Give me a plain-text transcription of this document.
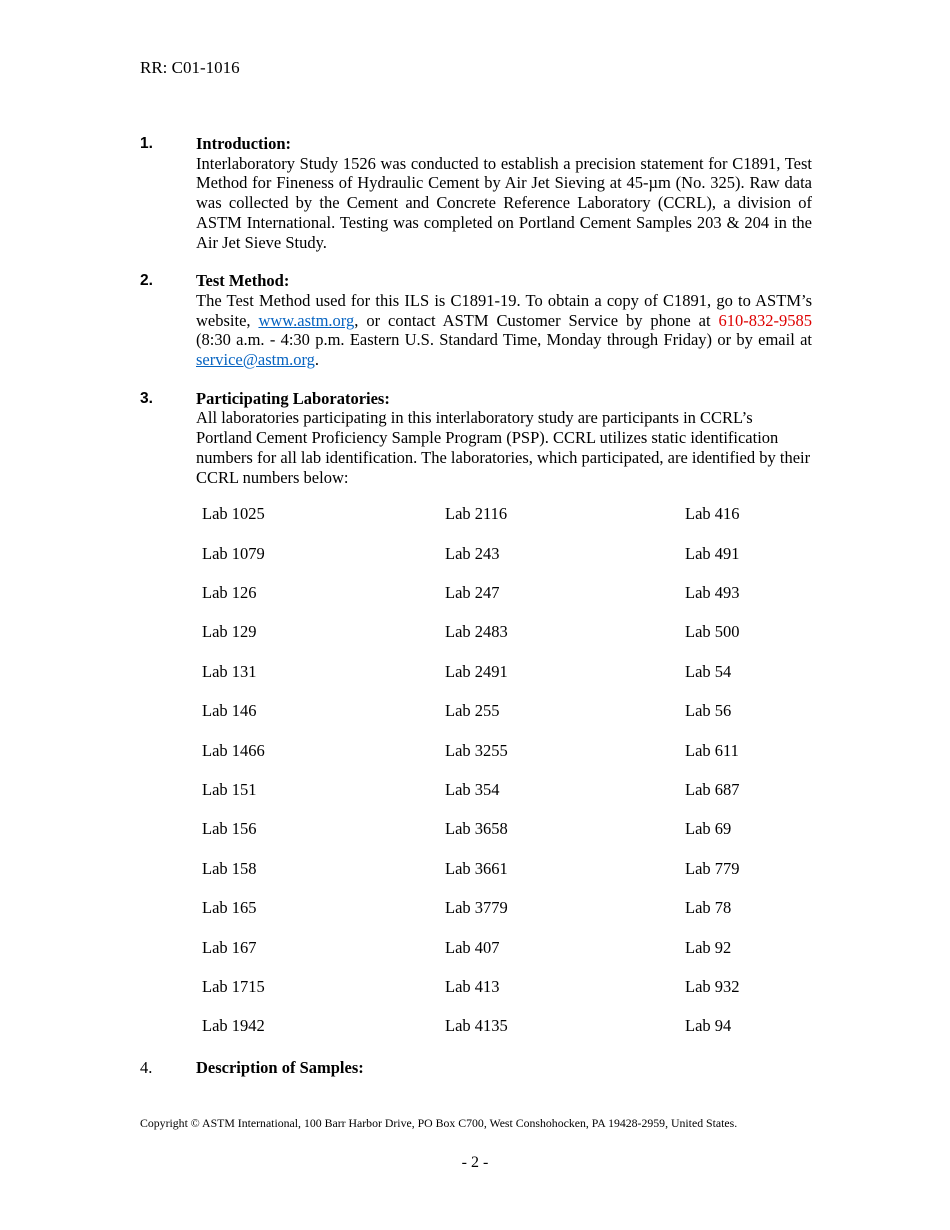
RR: C01-1016
1.	Introduction:

Interlaboratory Study 1526 was conducted to establish a precision statement for C1891, Test Method for Fineness of Hydraulic Cement by Air Jet Sieving at 45-µm (No. 325). Raw data was collected by the Cement and Concrete Reference Laboratory (CCRL), a division of ASTM International. Testing was completed on Portland Cement Samples 203 & 204 in the Air Jet Sieve Study.

2.	Test Method:

The Test Method used for this ILS is C1891-19. To obtain a copy of C1891, go to ASTM’s website, www.astm.org, or contact ASTM Customer Service by phone at 610-832-9585 (8:30 a.m. - 4:30 p.m. Eastern U.S. Standard Time, Monday through Friday) or by email at service@astm.org.

3.	Participating Laboratories:

All laboratories participating in this interlaboratory study are participants in CCRL’s Portland Cement Proficiency Sample Program (PSP). CCRL utilizes static identification numbers for all lab identification. The laboratories, which participated, are identified by their CCRL numbers below:

Lab 1025	Lab 2116	Lab 416
Lab 1079	Lab 243	Lab 491
Lab 126	Lab 247	Lab 493
Lab 129	Lab 2483	Lab 500
Lab 131	Lab 2491	Lab 54
Lab 146	Lab 255	Lab 56
Lab 1466	Lab 3255	Lab 611
Lab 151	Lab 354	Lab 687
Lab 156	Lab 3658	Lab 69
Lab 158	Lab 3661	Lab 779
Lab 165	Lab 3779	Lab 78
Lab 167	Lab 407	Lab 92
Lab 1715	Lab 413	Lab 932
Lab 1942	Lab 4135	Lab 94
4.	Description of Samples:
Copyright © ASTM International, 100 Barr Harbor Drive, PO Box C700, West Conshohocken, PA 19428-2959, United States.
- 2 -
